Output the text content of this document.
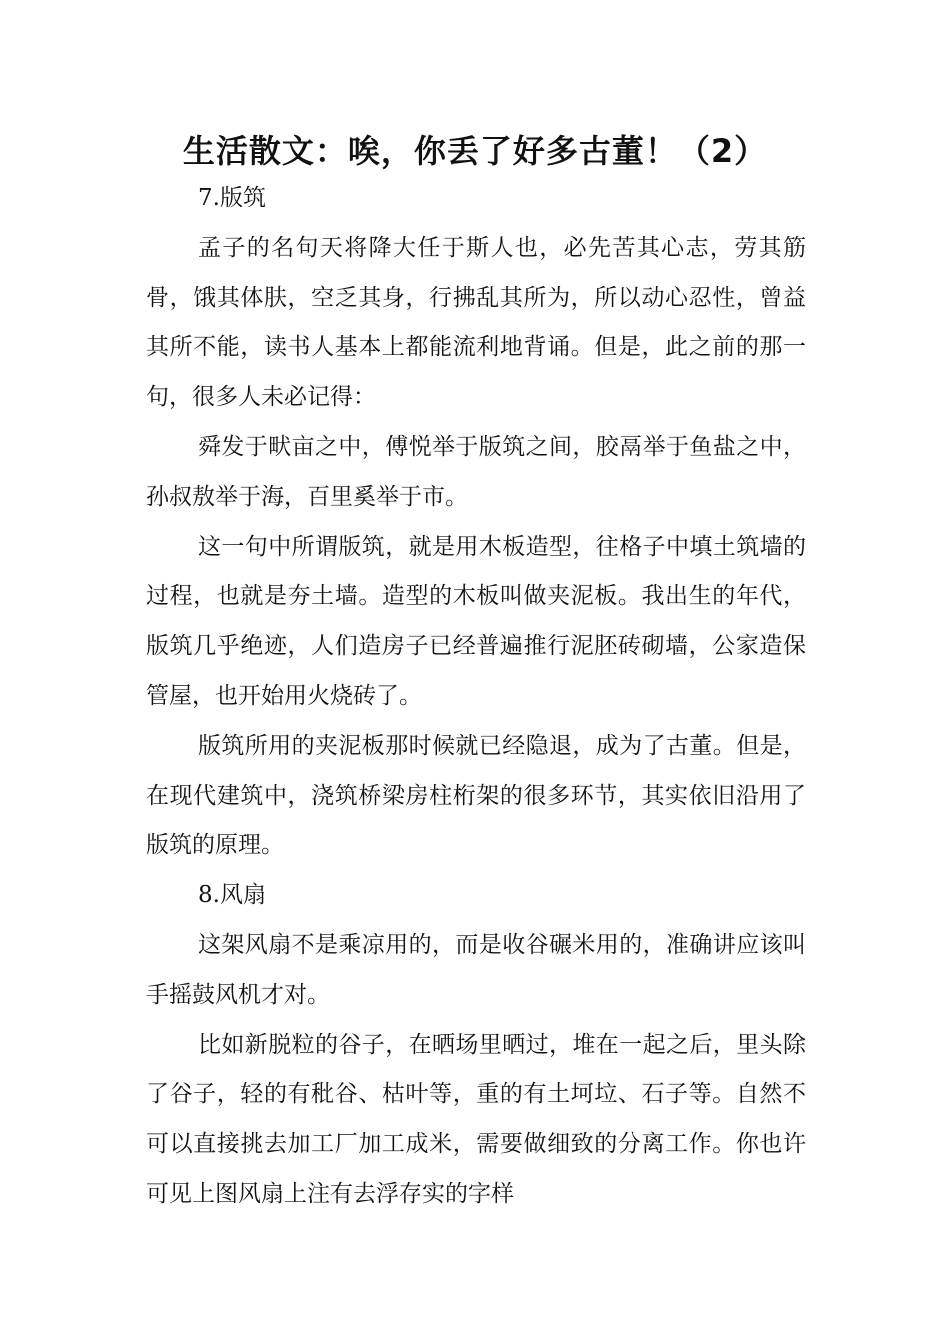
生活散文：唉，你丢了好多古董！（2）

7.版筑

孟子的名句天将降大任于斯人也，必先苦其心志，劳其筋骨，饿其体肤，空乏其身，行拂乱其所为，所以动心忍性，曾益其所不能，读书人基本上都能流利地背诵。但是，此之前的那一句，很多人未必记得：

舜发于畎亩之中，傅悦举于版筑之间，胶鬲举于鱼盐之中，孙叔敖举于海，百里奚举于市。

这一句中所谓版筑，就是用木板造型，往格子中填土筑墙的过程，也就是夯土墙。造型的木板叫做夹泥板。我出生的年代，版筑几乎绝迹，人们造房子已经普遍推行泥胚砖砌墙，公家造保管屋，也开始用火烧砖了。

版筑所用的夹泥板那时候就已经隐退，成为了古董。但是，在现代建筑中，浇筑桥梁房柱桁架的很多环节，其实依旧沿用了版筑的原理。

8.风扇

这架风扇不是乘凉用的，而是收谷碾米用的，准确讲应该叫手摇鼓风机才对。

比如新脱粒的谷子，在晒场里晒过，堆在一起之后，里头除了谷子，轻的有秕谷、枯叶等，重的有土坷垃、石子等。自然不可以直接挑去加工厂加工成米，需要做细致的分离工作。你也许可见上图风扇上注有去浮存实的字样
